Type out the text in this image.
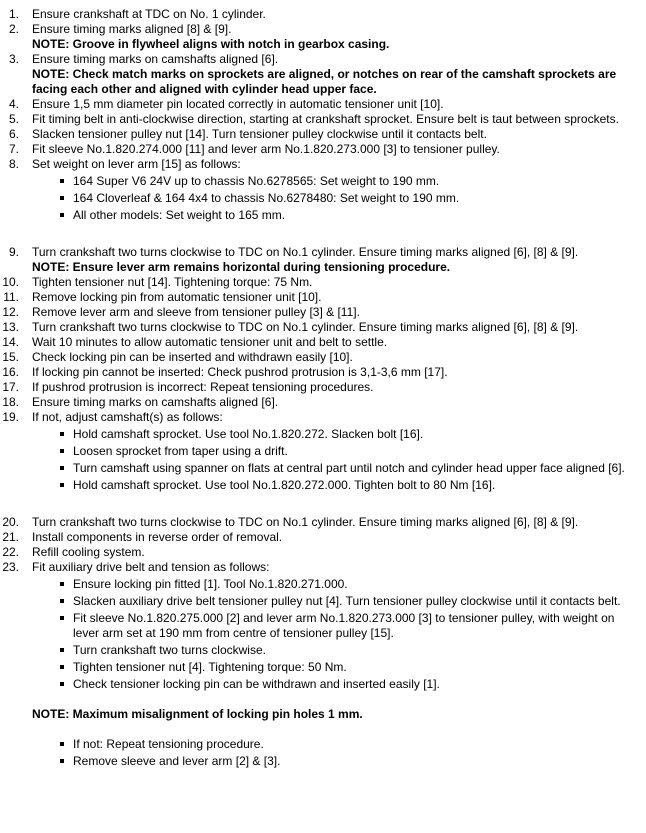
1. Ensure crankshaft at TDC on No. 1 cylinder.
2. Ensure timing marks aligned [8] & [9].
NOTE: Groove in flywheel aligns with notch in gearbox casing.
3. Ensure timing marks on camshafts aligned [6].
NOTE: Check match marks on sprockets are aligned, or notches on rear of the camshaft sprockets are facing each other and aligned with cylinder head upper face.
4. Ensure 1,5 mm diameter pin located correctly in automatic tensioner unit [10].
5. Fit timing belt in anti-clockwise direction, starting at crankshaft sprocket. Ensure belt is taut between sprockets.
6. Slacken tensioner pulley nut [14]. Turn tensioner pulley clockwise until it contacts belt.
7. Fit sleeve No.1.820.274.000 [11] and lever arm No.1.820.273.000 [3] to tensioner pulley.
8. Set weight on lever arm [15] as follows:
164 Super V6 24V up to chassis No.6278565: Set weight to 190 mm.
164 Cloverleaf & 164 4x4 to chassis No.6278480: Set weight to 190 mm.
All other models: Set weight to 165 mm.
9. Turn crankshaft two turns clockwise to TDC on No.1 cylinder. Ensure timing marks aligned [6], [8] & [9].
NOTE: Ensure lever arm remains horizontal during tensioning procedure.
10. Tighten tensioner nut [14]. Tightening torque: 75 Nm.
11. Remove locking pin from automatic tensioner unit [10].
12. Remove lever arm and sleeve from tensioner pulley [3] & [11].
13. Turn crankshaft two turns clockwise to TDC on No.1 cylinder. Ensure timing marks aligned [6], [8] & [9].
14. Wait 10 minutes to allow automatic tensioner unit and belt to settle.
15. Check locking pin can be inserted and withdrawn easily [10].
16. If locking pin cannot be inserted: Check pushrod protrusion is 3,1-3,6 mm [17].
17. If pushrod protrusion is incorrect: Repeat tensioning procedures.
18. Ensure timing marks on camshafts aligned [6].
19. If not, adjust camshaft(s) as follows:
Hold camshaft sprocket. Use tool No.1.820.272. Slacken bolt [16].
Loosen sprocket from taper using a drift.
Turn camshaft using spanner on flats at central part until notch and cylinder head upper face aligned [6].
Hold camshaft sprocket. Use tool No.1.820.272.000. Tighten bolt to 80 Nm [16].
20. Turn crankshaft two turns clockwise to TDC on No.1 cylinder. Ensure timing marks aligned [6], [8] & [9].
21. Install components in reverse order of removal.
22. Refill cooling system.
23. Fit auxiliary drive belt and tension as follows:
Ensure locking pin fitted [1]. Tool No.1.820.271.000.
Slacken auxiliary drive belt tensioner pulley nut [4]. Turn tensioner pulley clockwise until it contacts belt.
Fit sleeve No.1.820.275.000 [2] and lever arm No.1.820.273.000 [3] to tensioner pulley, with weight on lever arm set at 190 mm from centre of tensioner pulley [15].
Turn crankshaft two turns clockwise.
Tighten tensioner nut [4]. Tightening torque: 50 Nm.
Check tensioner locking pin can be withdrawn and inserted easily [1].
NOTE: Maximum misalignment of locking pin holes 1 mm.
If not: Repeat tensioning procedure.
Remove sleeve and lever arm [2] & [3].
